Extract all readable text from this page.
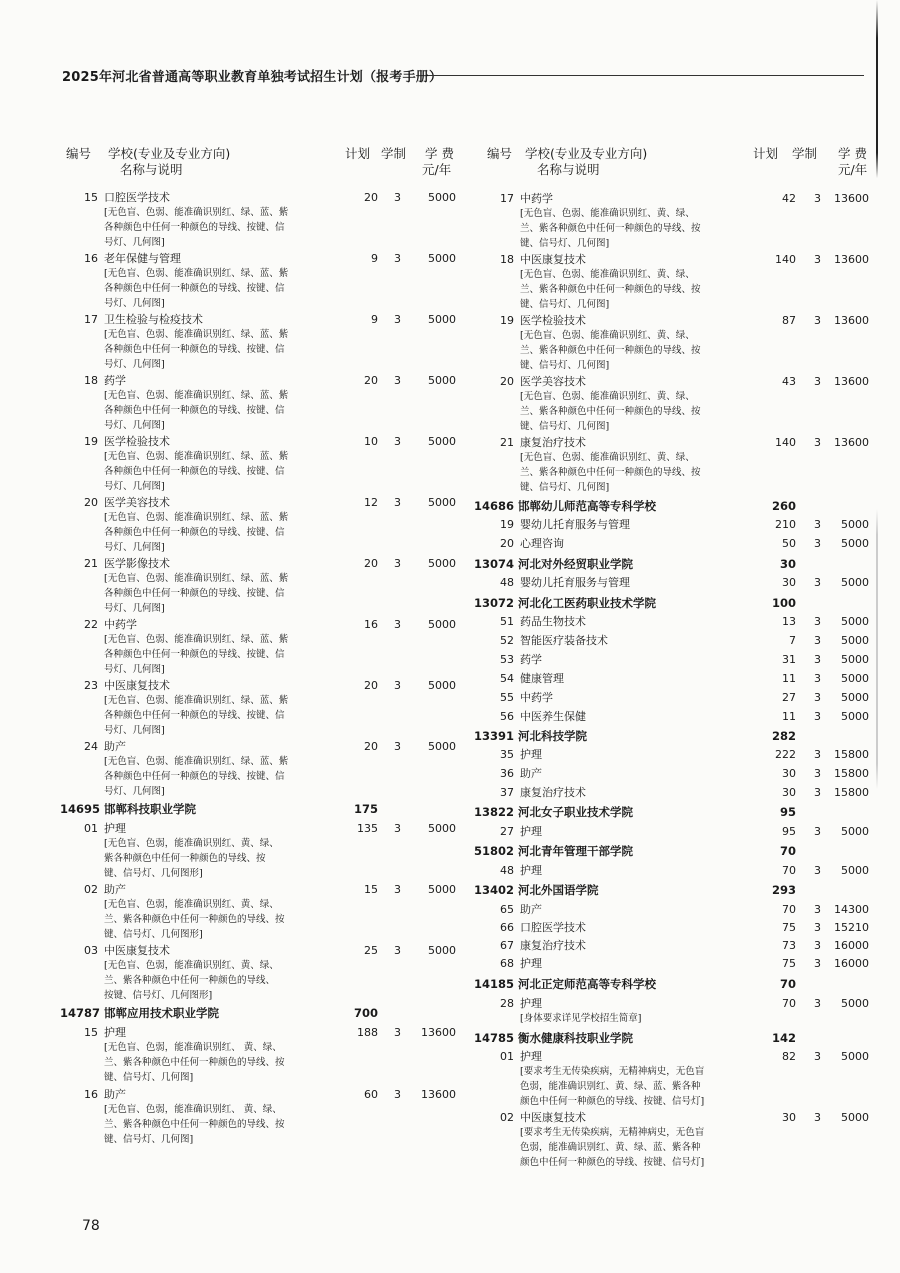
2025年河北省普通高等职业教育单独考试招生计划（报考手册）
编号 学校(专业及专业方向)
名称与说明
计划 学制 学 费
元/年
编号 学校(专业及专业方向)
名称与说明
计划 学制 学 费
元/年
15 口腔医学技术	20	3	5000
[无色盲、色弱、能准确识别红、绿、蓝、紫
各种颜色中任何一种颜色的导线、按键、信
号灯、几何图]
16 老年保健与管理	9	3	5000
[无色盲、色弱、能准确识别红、绿、蓝、紫
各种颜色中任何一种颜色的导线、按键、信
号灯、几何图]
17 卫生检验与检疫技术	9	3	5000
[无色盲、色弱、能准确识别红、绿、蓝、紫
各种颜色中任何一种颜色的导线、按键、信
号灯、几何图]
18 药学	20	3	5000
[无色盲、色弱、能准确识别红、绿、蓝、紫
各种颜色中任何一种颜色的导线、按键、信
号灯、几何图]
19 医学检验技术	10	3	5000
[无色盲、色弱、能准确识别红、绿、蓝、紫
各种颜色中任何一种颜色的导线、按键、信
号灯、几何图]
20 医学美容技术	12	3	5000
[无色盲、色弱、能准确识别红、绿、蓝、紫
各种颜色中任何一种颜色的导线、按键、信
号灯、几何图]
21 医学影像技术	20	3	5000
[无色盲、色弱、能准确识别红、绿、蓝、紫
各种颜色中任何一种颜色的导线、按键、信
号灯、几何图]
22 中药学	16	3	5000
[无色盲、色弱、能准确识别红、绿、蓝、紫
各种颜色中任何一种颜色的导线、按键、信
号灯、几何图]
23 中医康复技术	20	3	5000
[无色盲、色弱、能准确识别红、绿、蓝、紫
各种颜色中任何一种颜色的导线、按键、信
号灯、几何图]
24 助产	20	3	5000
[无色盲、色弱、能准确识别红、绿、蓝、紫
各种颜色中任何一种颜色的导线、按键、信
号灯、几何图]
14695 邯郸科技职业学院	175
01 护理	135	3	5000
[无色盲、色弱，能准确识别红、黄、绿、
紫各种颜色中任何一种颜色的导线、按
键、信号灯、几何图形]
02 助产	15	3	5000
[无色盲、色弱，能准确识别红、黄、绿、
兰、紫各种颜色中任何一种颜色的导线、按
键、信号灯、几何图形]
03 中医康复技术	25	3	5000
[无色盲、色弱，能准确识别红、黄、绿、
兰、紫各种颜色中任何一种颜色的导线、
按键、信号灯、几何图形]
14787 邯郸应用技术职业学院	700
15 护理	188	3	13600
[无色盲、色弱，能准确识别红、 黄、绿、
兰、紫各种颜色中任何一种颜色的导线、按
键、信号灯、几何图]
16 助产	60	3	13600
[无色盲、色弱，能准确识别红、 黄、绿、
兰、紫各种颜色中任何一种颜色的导线、按
键、信号灯、几何图]
17 中药学	42	3	13600
[无色盲、色弱、能准确识别红、黄、绿、
兰、紫各种颜色中任何一种颜色的导线、按
键、信号灯、几何图]
18 中医康复技术	140	3	13600
[无色盲、色弱、能准确识别红、黄、绿、
兰、紫各种颜色中任何一种颜色的导线、按
键、信号灯、几何图]
19 医学检验技术	87	3	13600
[无色盲、色弱、能准确识别红、黄、绿、
兰、紫各种颜色中任何一种颜色的导线、按
键、信号灯、几何图]
20 医学美容技术	43	3	13600
[无色盲、色弱、能准确识别红、黄、绿、
兰、紫各种颜色中任何一种颜色的导线、按
键、信号灯、几何图]
21 康复治疗技术	140	3	13600
[无色盲、色弱、能准确识别红、黄、绿、
兰、紫各种颜色中任何一种颜色的导线、按
键、信号灯、几何图]
14686 邯郸幼儿师范高等专科学校	260
19 婴幼儿托育服务与管理	210	3	5000
20 心理咨询	50	3	5000
13074 河北对外经贸职业学院	30
48 婴幼儿托育服务与管理	30	3	5000
13072 河北化工医药职业技术学院	100
51 药品生物技术	13	3	5000
52 智能医疗装备技术	7	3	5000
53 药学	31	3	5000
54 健康管理	11	3	5000
55 中药学	27	3	5000
56 中医养生保健	11	3	5000
13391 河北科技学院	282
35 护理	222	3	15800
36 助产	30	3	15800
37 康复治疗技术	30	3	15800
13822 河北女子职业技术学院	95
27 护理	95	3	5000
51802 河北青年管理干部学院	70
48 护理	70	3	5000
13402 河北外国语学院	293
65 助产	70	3	14300
66 口腔医学技术	75	3	15210
67 康复治疗技术	73	3	16000
68 护理	75	3	16000
14185 河北正定师范高等专科学校	70
28 护理	70	3	5000
[身体要求详见学校招生简章]
14785 衡水健康科技职业学院	142
01 护理	82	3	5000
[要求考生无传染疾病，无精神病史，无色盲
色弱，能准确识别红、黄、绿、蓝、紫各种
颜色中任何一种颜色的导线、按键、信号灯]
02 中医康复技术	30	3	5000
[要求考生无传染疾病，无精神病史，无色盲
色弱，能准确识别红、黄、绿、蓝、紫各种
颜色中任何一种颜色的导线、按键、信号灯]
78
